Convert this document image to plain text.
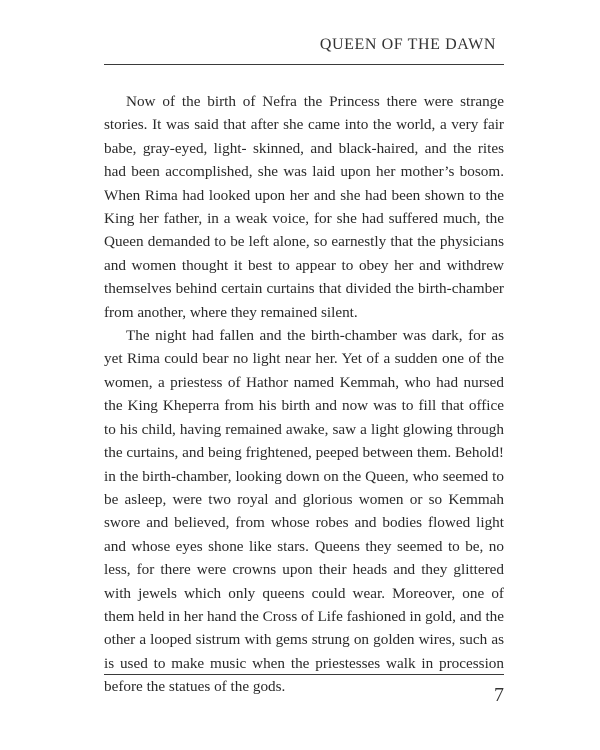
QUEEN OF THE DAWN

Now of the birth of Nefra the Princess there were strange stories. It was said that after she came into the world, a very fair babe, gray-eyed, light- skinned, and black-haired, and the rites had been accomplished, she was laid upon her mother’s bosom. When Rima had looked upon her and she had been shown to the King her father, in a weak voice, for she had suffered much, the Queen demanded to be left alone, so earnestly that the physicians and women thought it best to appear to obey her and withdrew themselves behind certain curtains that divided the birth-chamber from another, where they remained silent.

The night had fallen and the birth-chamber was dark, for as yet Rima could bear no light near her. Yet of a sudden one of the women, a priestess of Hathor named Kemmah, who had nursed the King Kheperra from his birth and now was to fill that office to his child, having remained awake, saw a light glowing through the curtains, and being frightened, peeped between them. Behold! in the birth-chamber, looking down on the Queen, who seemed to be asleep, were two royal and glorious women or so Kemmah swore and believed, from whose robes and bodies flowed light and whose eyes shone like stars. Queens they seemed to be, no less, for there were crowns upon their heads and they glittered with jewels which only queens could wear. Moreover, one of them held in her hand the Cross of Life fashioned in gold, and the other a looped sistrum with gems strung on golden wires, such as is used to make music when the priestesses walk in procession before the statues of the gods.	7
